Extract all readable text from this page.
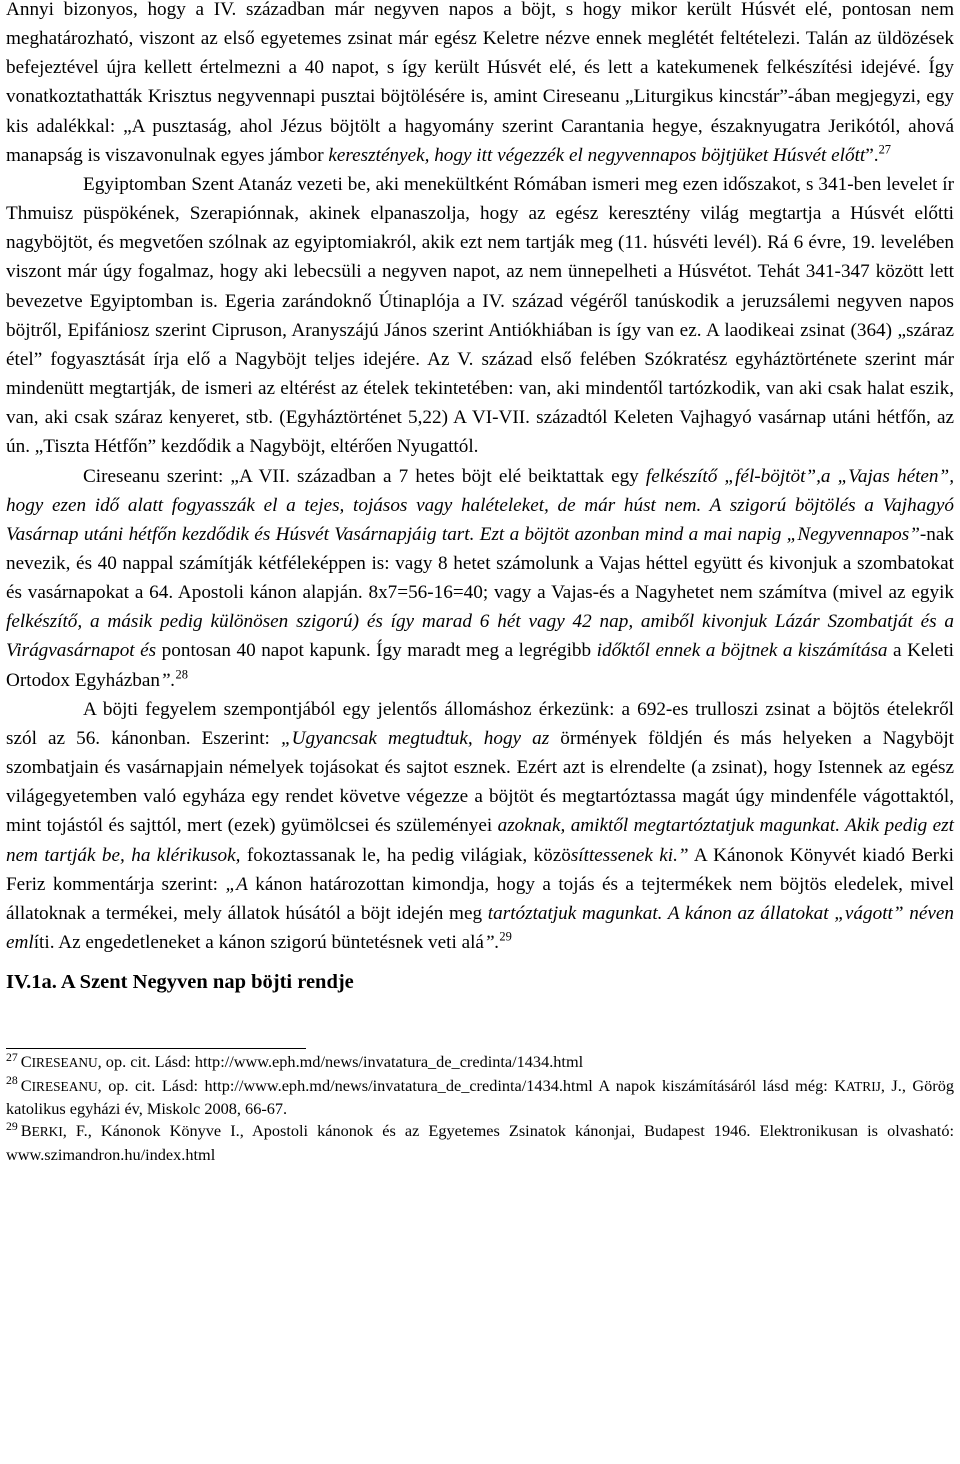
Annyi bizonyos, hogy a IV. században már negyven napos a böjt, s hogy mikor került Húsvét elé, pontosan nem meghatározható, viszont az első egyetemes zsinat már egész Keletre nézve ennek meglétét feltételezi. Talán az üldözések befejeztével újra kellett értelmezni a 40 napot, s így került Húsvét elé, és lett a katekumenek felkészítési idejévé. Így vonatkoztathatták Krisztus negyvennapi pusztai böjtölésére is, amint Cireseanu „Liturgikus kincstár”-ában megjegyzi, egy kis adalékkal: „A pusztaság, ahol Jézus böjtölt a hagyomány szerint Carantania hegye, északnyugatra Jerikótól, ahová manapság is viszavonulnak egyes jámbor keresztények, hogy itt végezzék el negyvennapos böjtjüket Húsvét előtt”.$^{27}$

Egyiptomban Szent Atanáz vezeti be, aki menekültként Rómában ismeri meg ezen időszakot, s 341-ben levelet ír Thmuisz püspökének, Szerapiónnak, akinek elpanaszolja, hogy az egész keresztény világ megtartja a Húsvét előtti nagyböjtöt, és megvetően szólnak az egyiptomiakról, akik ezt nem tartják meg (11. húsvéti levél). Rá 6 évre, 19. levelében viszont már úgy fogalmaz, hogy aki lebecsüli a negyven napot, az nem ünnepelheti a Húsvétot. Tehát 341-347 között lett bevezetve Egyiptomban is. Egeria zarándoknő Útinaplója a IV. század végéről tanúskodik a jeruzsálemi negyven napos böjtről, Epifániosz szerint Cipruson, Aranyszájú János szerint Antiókhiában is így van ez. A laodikeai zsinat (364) „száraz étel” fogyasztását írja elő a Nagyböjt teljes idejére. Az V. század első felében Szókratész egyháztörténete szerint már mindenütt megtartják, de ismeri az eltérést az ételek tekintetében: van, aki mindentől tartózkodik, van aki csak halat eszik, van, aki csak száraz kenyeret, stb. (Egyháztörténet 5,22) A VI-VII. századtól Keleten Vajhagyó vasárnap utáni hétfőn, az ún. „Tiszta Hétfőn” kezdődik a Nagyböjt, eltérően Nyugattól.

Cireseanu szerint: „A VII. században a 7 hetes böjt elé beiktattak egy felkészítő „fél-böjtöt”,a „Vajas héten”, hogy ezen idő alatt fogyasszák el a tejes, tojásos vagy halételeket, de már húst nem. A szigorú böjtölés a Vajhagyó Vasárnap utáni hétfőn kezdődik és Húsvét Vasárnapjáig tart. Ezt a böjtöt azonban mind a mai napig „Negyvennapos”-nak nevezik, és 40 nappal számítják kétféleképpen is: vagy 8 hetet számolunk a Vajas héttel együtt és kivonjuk a szombatokat és vasárnapokat a 64. Apostoli kánon alapján. 8x7=56-16=40; vagy a Vajas-és a Nagyhetet nem számítva (mivel az egyik felkészítő, a másik pedig különösen szigorú) és így marad 6 hét vagy 42 nap, amiből kivonjuk Lázár Szombatját és a Virágvasárnapot és pontosan 40 napot kapunk. Így maradt meg a legrégibb időktől ennek a böjtnek a kiszámítása a Keleti Ortodox Egyházban”.$^{28}$

A böjti fegyelem szempontjából egy jelentős állomáshoz érkezünk: a 692-es trulloszi zsinat a böjtös ételekről szól az 56. kánonban. Eszerint: „Ugyancsak megtudtuk, hogy az örmények földjén és más helyeken a Nagyböjt szombatjain és vasárnapjain némelyek tojásokat és sajtot esznek. Ezért azt is elrendelte (a zsinat), hogy Istennek az egész világegyetemben való egyháza egy rendet követve végezze a böjtöt és megtartóztassa magát úgy mindenféle vágottaktól, mint tojástól és sajttól, mert (ezek) gyümölcsei és szüleményei azoknak, amiktől megtartóztatjuk magunkat. Akik pedig ezt nem tartják be, ha klérikusok, fokoztassanak le, ha pedig világiak, közösíttessenek ki.” A Kánonok Könyvét kiadó Berki Feriz kommentárja szerint: „A kánon határozottan kimondja, hogy a tojás és a tejtermékek nem böjtös eledelek, mivel állatoknak a termékei, mely állatok húsától a böjt idején meg tartóztatjuk magunkat. A kánon az állatokat „vágott” néven említi. Az engedetleneket a kánon szigorú büntetésnek veti alá”.$^{29}$

IV.1a. A Szent Negyven nap böjti rendje

$^{27}$ CIRESEANU, op. cit. Lásd: http://www.eph.md/news/invatatura_de_credinta/1434.html

$^{28}$ CIRESEANU, op. cit. Lásd: http://www.eph.md/news/invatatura_de_credinta/1434.html A napok kiszámításáról lásd még: KATRIJ, J., Görög katolikus egyházi év, Miskolc 2008, 66-67.

$^{29}$ BERKI, F., Kánonok Könyve I., Apostoli kánonok és az Egyetemes Zsinatok kánonjai, Budapest 1946. Elektronikusan is olvasható: www.szimandron.hu/index.html
